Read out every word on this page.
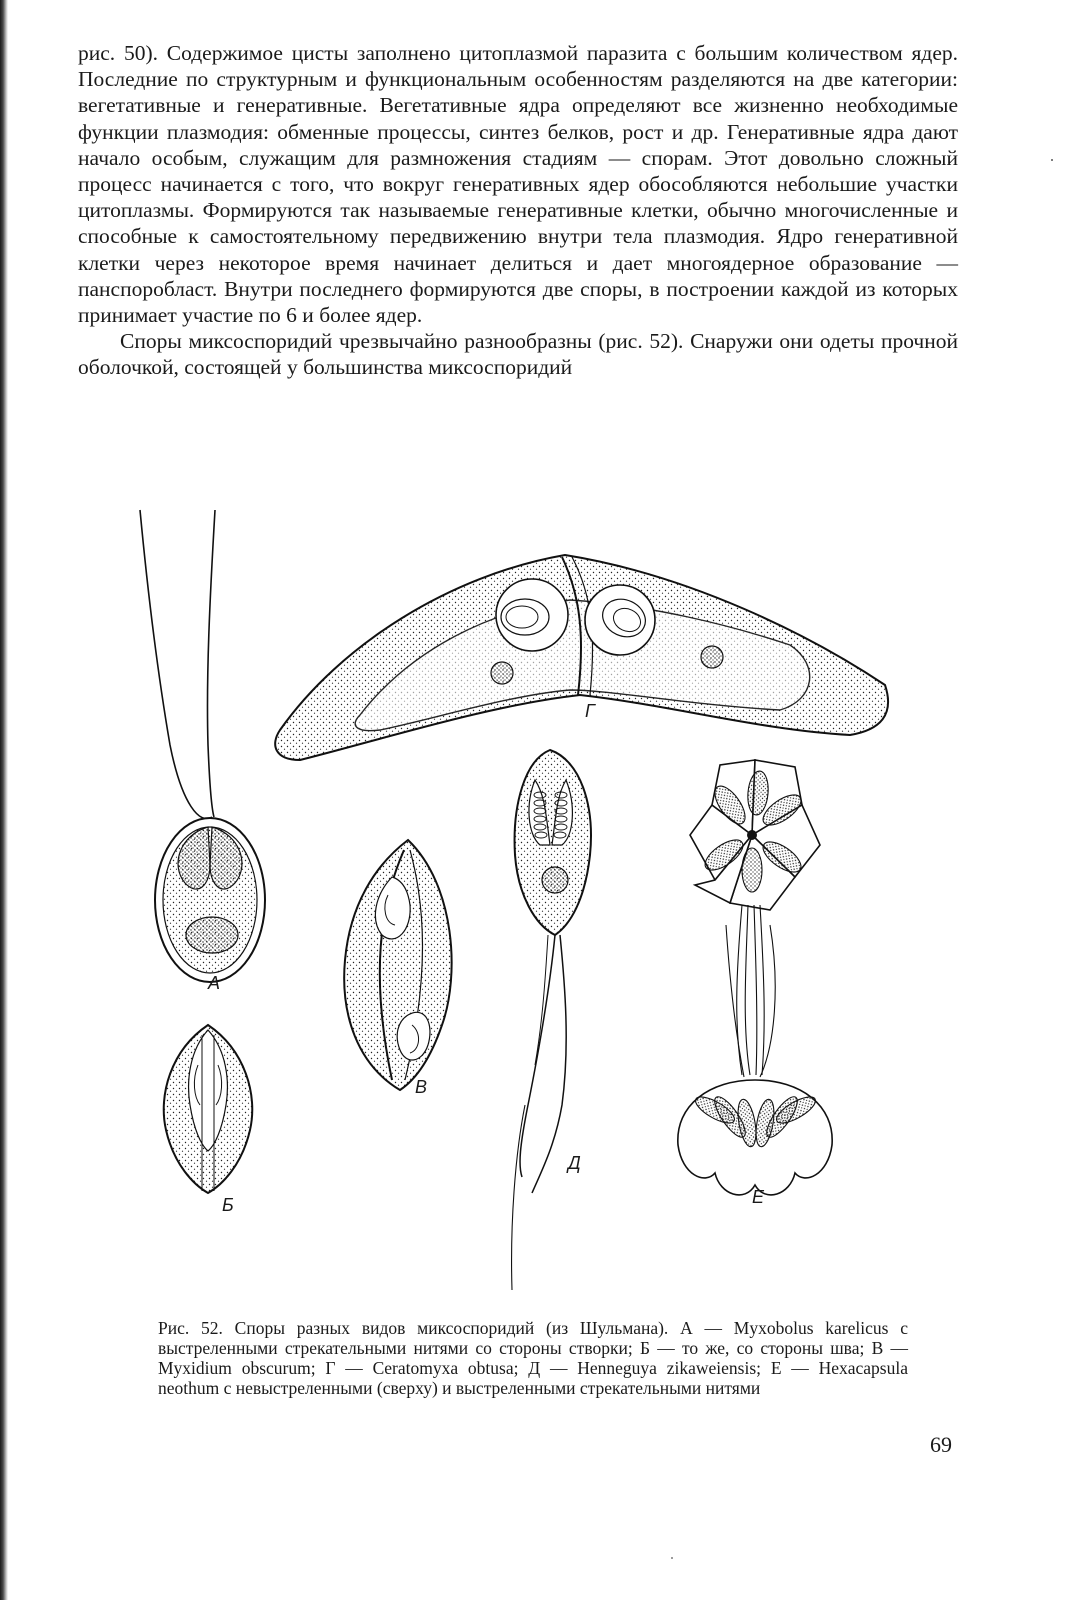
рис. 50). Содержимое цисты заполнено цитоплазмой паразита с большим количеством ядер. Последние по структурным и функциональным особенностям разделяются на две категории: вегетативные и генеративные. Вегетативные ядра определяют все жизненно необходимые функции плазмодия: обменные процессы, синтез белков, рост и др. Генеративные ядра дают начало особым, служащим для размножения стадиям — спорам. Этот довольно сложный процесс начинается с того, что вокруг генеративных ядер обособляются небольшие участки цитоплазмы. Формируются так называемые генеративные клетки, обычно многочисленные и способные к самостоятельному передвижению внутри тела плазмодия. Ядро генеративной клетки через некоторое время начинает делиться и дает многоядерное образование — панспоробласт. Внутри последнего формируются две споры, в построении каждой из которых принимает участие по 6 и более ядер.

Споры миксоспоридий чрезвычайно разнообразны (рис. 52). Снаружи они одеты прочной оболочкой, состоящей у большинства миксоспоридий

А
Б
В
Г
Д
Е
Рис. 52. Споры разных видов миксоспоридий (из Шульмана). А — Myxobolus karelicus с выстреленными стрекательными нитями со стороны створки; Б — то же, со стороны шва; В — Myxidium obscurum; Г — Ceratomyxa obtusa; Д — Henneguya zikaweiensis; Е — Hexacapsula neothum с невыстреленными (сверху) и выстреленными стрекательными нитями
69
